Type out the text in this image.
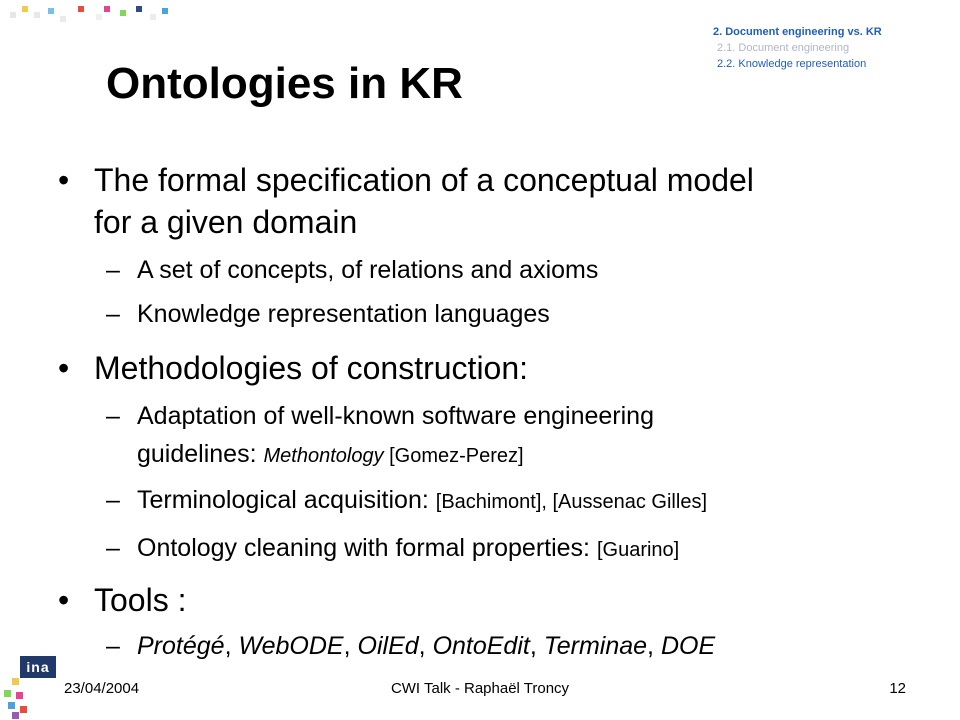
2. Document engineering vs. KR
2.1. Document engineering
2.2. Knowledge representation
Ontologies in KR
• The formal specification of a conceptual model
for a given domain
– A set of concepts, of relations and axioms
– Knowledge representation languages
• Methodologies of construction:
– Adaptation of well-known software engineering
guidelines: Methontology [Gomez-Perez]
– Terminological acquisition: [Bachimont], [Aussenac Gilles]
– Ontology cleaning with formal properties: [Guarino]
• Tools :
– Protégé, WebODE, OilEd, OntoEdit, Terminae, DOE
ina
23/04/2004	CWI Talk - Raphaël Troncy	12
